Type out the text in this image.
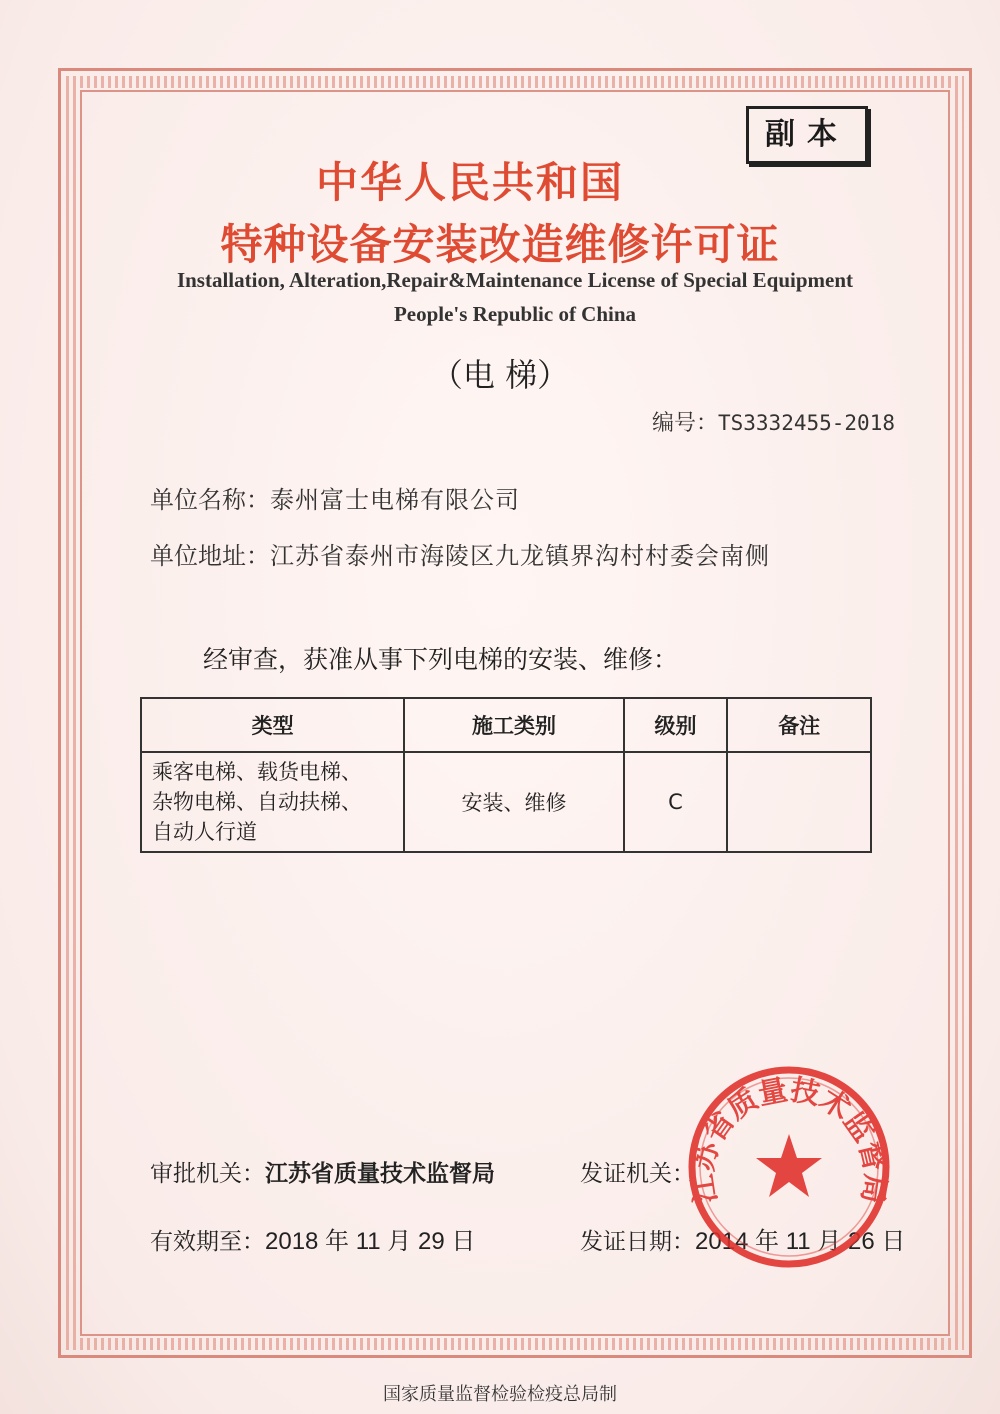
副本
中华人民共和国
特种设备安装改造维修许可证
Installation, Alteration,Repair&Maintenance License of Special Equipment
People's Republic of China
（电 梯）
编号：TS3332455-2018
单位名称：泰州富士电梯有限公司
单位地址：江苏省泰州市海陵区九龙镇界沟村村委会南侧
经审查，获准从事下列电梯的安装、维修：
类型	施工类别	级别	备注

乘客电梯、载货电梯、
杂物电梯、自动扶梯、
自动人行道	安装、维修	C	
审批机关：江苏省质量技术监督局	发证机关：
有效期至：2018 年 11 月 29 日	发证日期：2014 年 11 月 26 日
江苏省质量技术监督局
国家质量监督检验检疫总局制
